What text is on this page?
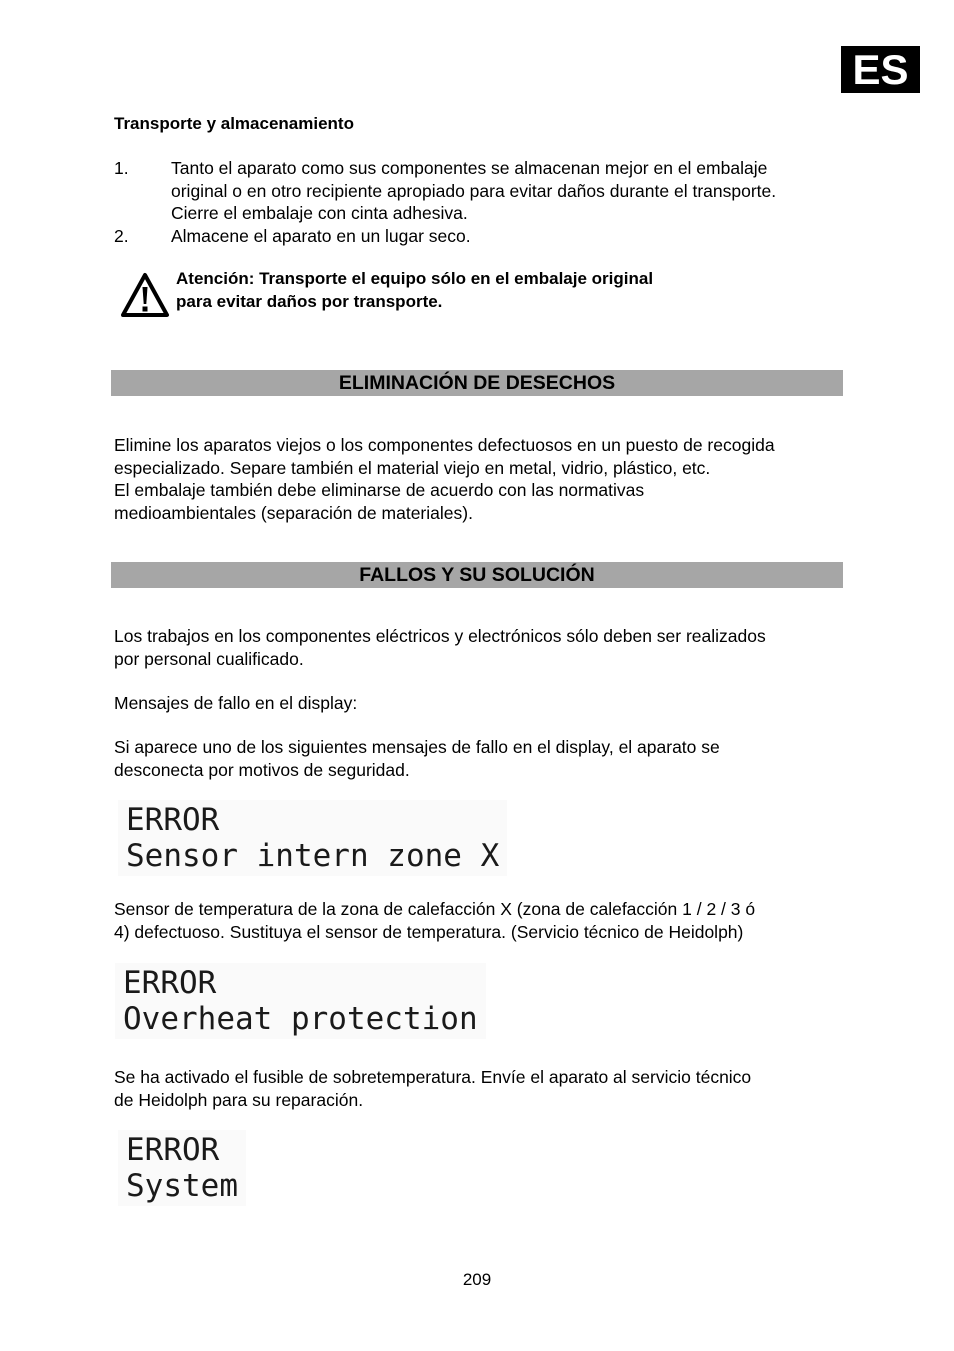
ES
Transporte y almacenamiento
1.	Tanto el aparato como sus componentes se almacenan mejor en el embalaje
original o en otro recipiente apropiado para evitar daños durante el transporte.
Cierre el embalaje con cinta adhesiva.
2.	Almacene el aparato en un lugar seco.
Atención: Transporte el equipo sólo en el embalaje original
para evitar daños por transporte.
ELIMINACIÓN DE DESECHOS
Elimine los aparatos viejos o los componentes defectuosos en un puesto de recogida
especializado. Separe también el material viejo en metal, vidrio, plástico, etc.
El embalaje también debe eliminarse de acuerdo con las normativas
medioambientales (separación de materiales).
FALLOS Y SU SOLUCIÓN
Los trabajos en los componentes eléctricos y electrónicos sólo deben ser realizados
por personal cualificado.
Mensajes de fallo en el display:
Si aparece uno de los siguientes mensajes de fallo en el display, el aparato se
desconecta por motivos de seguridad.
ERROR
Sensor intern zone X
Sensor de temperatura de la zona de calefacción X (zona de calefacción 1 / 2 / 3 ó
4) defectuoso. Sustituya el sensor de temperatura. (Servicio técnico de Heidolph)
ERROR
Overheat protection
Se ha activado el fusible de sobretemperatura. Envíe el aparato al servicio técnico
de Heidolph para su reparación.
ERROR
System
209
